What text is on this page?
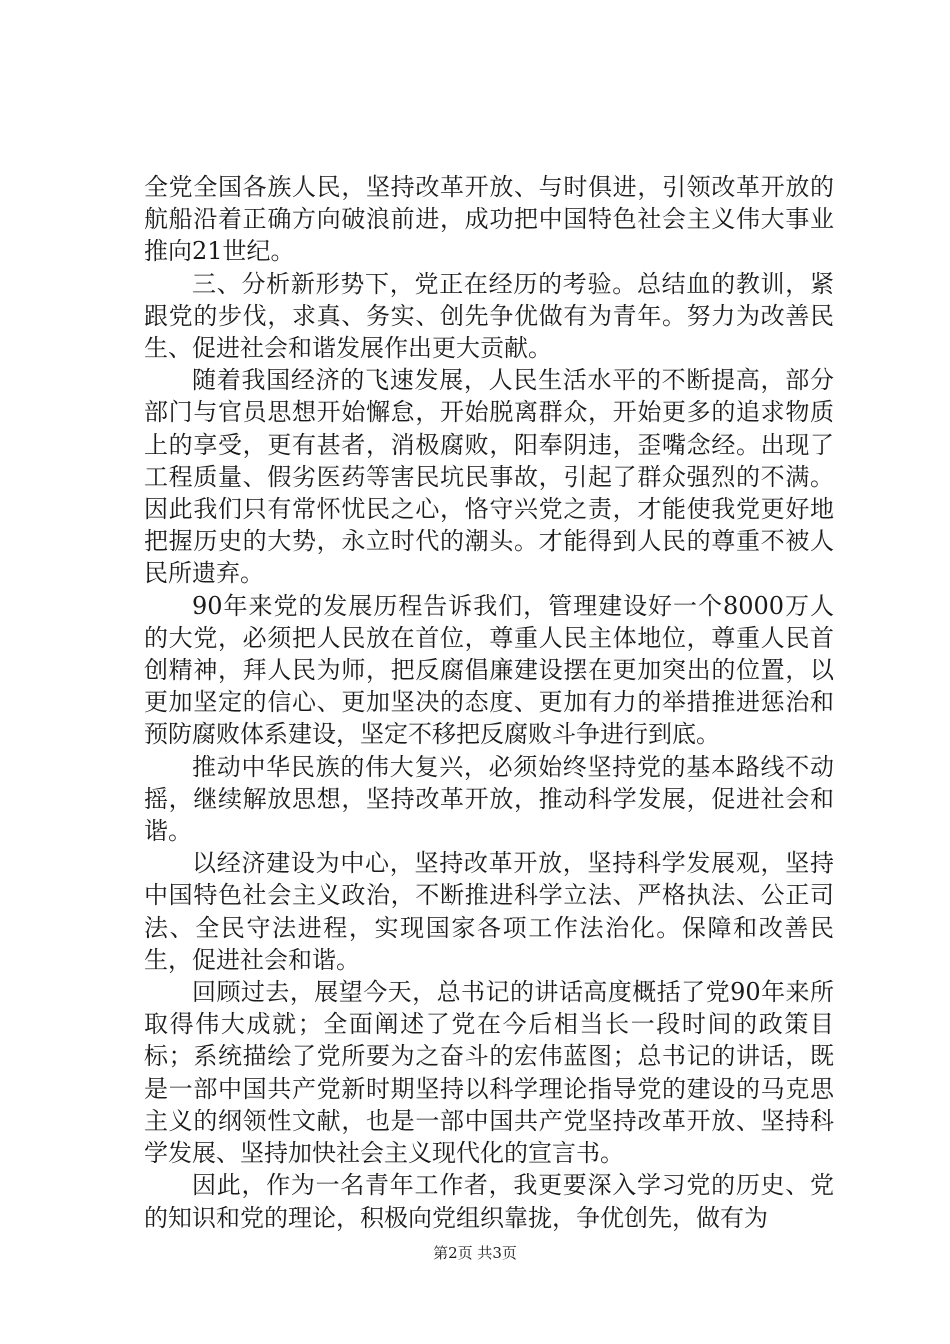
全党全国各族人民，坚持改革开放、与时俱进，引领改革开放的航船沿着正确方向破浪前进，成功把中国特色社会主义伟大事业推向21世纪。

三、分析新形势下，党正在经历的考验。总结血的教训，紧跟党的步伐，求真、务实、创先争优做有为青年。努力为改善民生、促进社会和谐发展作出更大贡献。

随着我国经济的飞速发展，人民生活水平的不断提高，部分部门与官员思想开始懈怠，开始脱离群众，开始更多的追求物质上的享受，更有甚者，消极腐败，阳奉阴违，歪嘴念经。出现了工程质量、假劣医药等害民坑民事故，引起了群众强烈的不满。因此我们只有常怀忧民之心，恪守兴党之责，才能使我党更好地把握历史的大势，永立时代的潮头。才能得到人民的尊重不被人民所遗弃。

90年来党的发展历程告诉我们，管理建设好一个8000万人的大党，必须把人民放在首位，尊重人民主体地位，尊重人民首创精神，拜人民为师，把反腐倡廉建设摆在更加突出的位置，以更加坚定的信心、更加坚决的态度、更加有力的举措推进惩治和预防腐败体系建设，坚定不移把反腐败斗争进行到底。

推动中华民族的伟大复兴，必须始终坚持党的基本路线不动摇，继续解放思想，坚持改革开放，推动科学发展，促进社会和谐。

以经济建设为中心，坚持改革开放，坚持科学发展观，坚持中国特色社会主义政治，不断推进科学立法、严格执法、公正司法、全民守法进程，实现国家各项工作法治化。保障和改善民生，促进社会和谐。

回顾过去，展望今天，总书记的讲话高度概括了党90年来所取得伟大成就；全面阐述了党在今后相当长一段时间的政策目标；系统描绘了党所要为之奋斗的宏伟蓝图；总书记的讲话，既是一部中国共产党新时期坚持以科学理论指导党的建设的马克思主义的纲领性文献，也是一部中国共产党坚持改革开放、坚持科学发展、坚持加快社会主义现代化的宣言书。

因此，作为一名青年工作者，我更要深入学习党的历史、党的知识和党的理论，积极向党组织靠拢，争优创先，做有为

第2页 共3页
